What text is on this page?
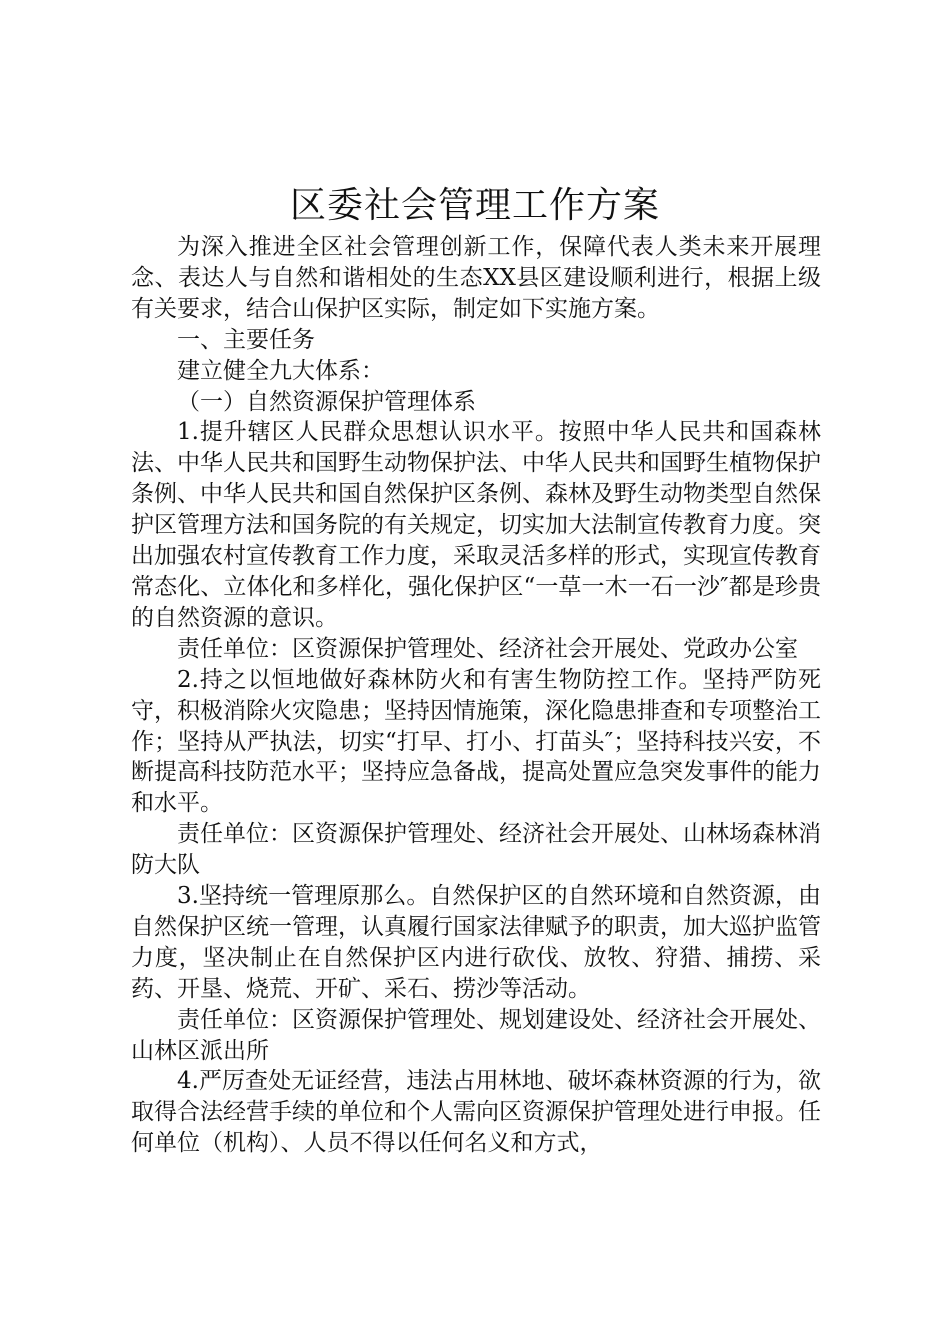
区委社会管理工作方案

为深入推进全区社会管理创新工作，保障代表人类未来开展理念、表达人与自然和谐相处的生态XX县区建设顺利进行，根据上级有关要求，结合山保护区实际，制定如下实施方案。

一、主要任务

建立健全九大体系：

（一）自然资源保护管理体系

1.提升辖区人民群众思想认识水平。按照中华人民共和国森林法、中华人民共和国野生动物保护法、中华人民共和国野生植物保护条例、中华人民共和国自然保护区条例、森林及野生动物类型自然保护区管理方法和国务院的有关规定，切实加大法制宣传教育力度。突出加强农村宣传教育工作力度，采取灵活多样的形式，实现宣传教育常态化、立体化和多样化，强化保护区“一草一木一石一沙″都是珍贵的自然资源的意识。

责任单位：区资源保护管理处、经济社会开展处、党政办公室

2.持之以恒地做好森林防火和有害生物防控工作。坚持严防死守，积极消除火灾隐患；坚持因情施策，深化隐患排查和专项整治工作；坚持从严执法，切实“打早、打小、打苗头″；坚持科技兴安，不断提高科技防范水平；坚持应急备战，提高处置应急突发事件的能力和水平。

责任单位：区资源保护管理处、经济社会开展处、山林场森林消防大队

3.坚持统一管理原那么。自然保护区的自然环境和自然资源，由自然保护区统一管理，认真履行国家法律赋予的职责，加大巡护监管力度，坚决制止在自然保护区内进行砍伐、放牧、狩猎、捕捞、采药、开垦、烧荒、开矿、采石、捞沙等活动。

责任单位：区资源保护管理处、规划建设处、经济社会开展处、山林区派出所

4.严厉查处无证经营，违法占用林地、破坏森林资源的行为，欲取得合法经营手续的单位和个人需向区资源保护管理处进行申报。任何单位（机构）、人员不得以任何名义和方式，
